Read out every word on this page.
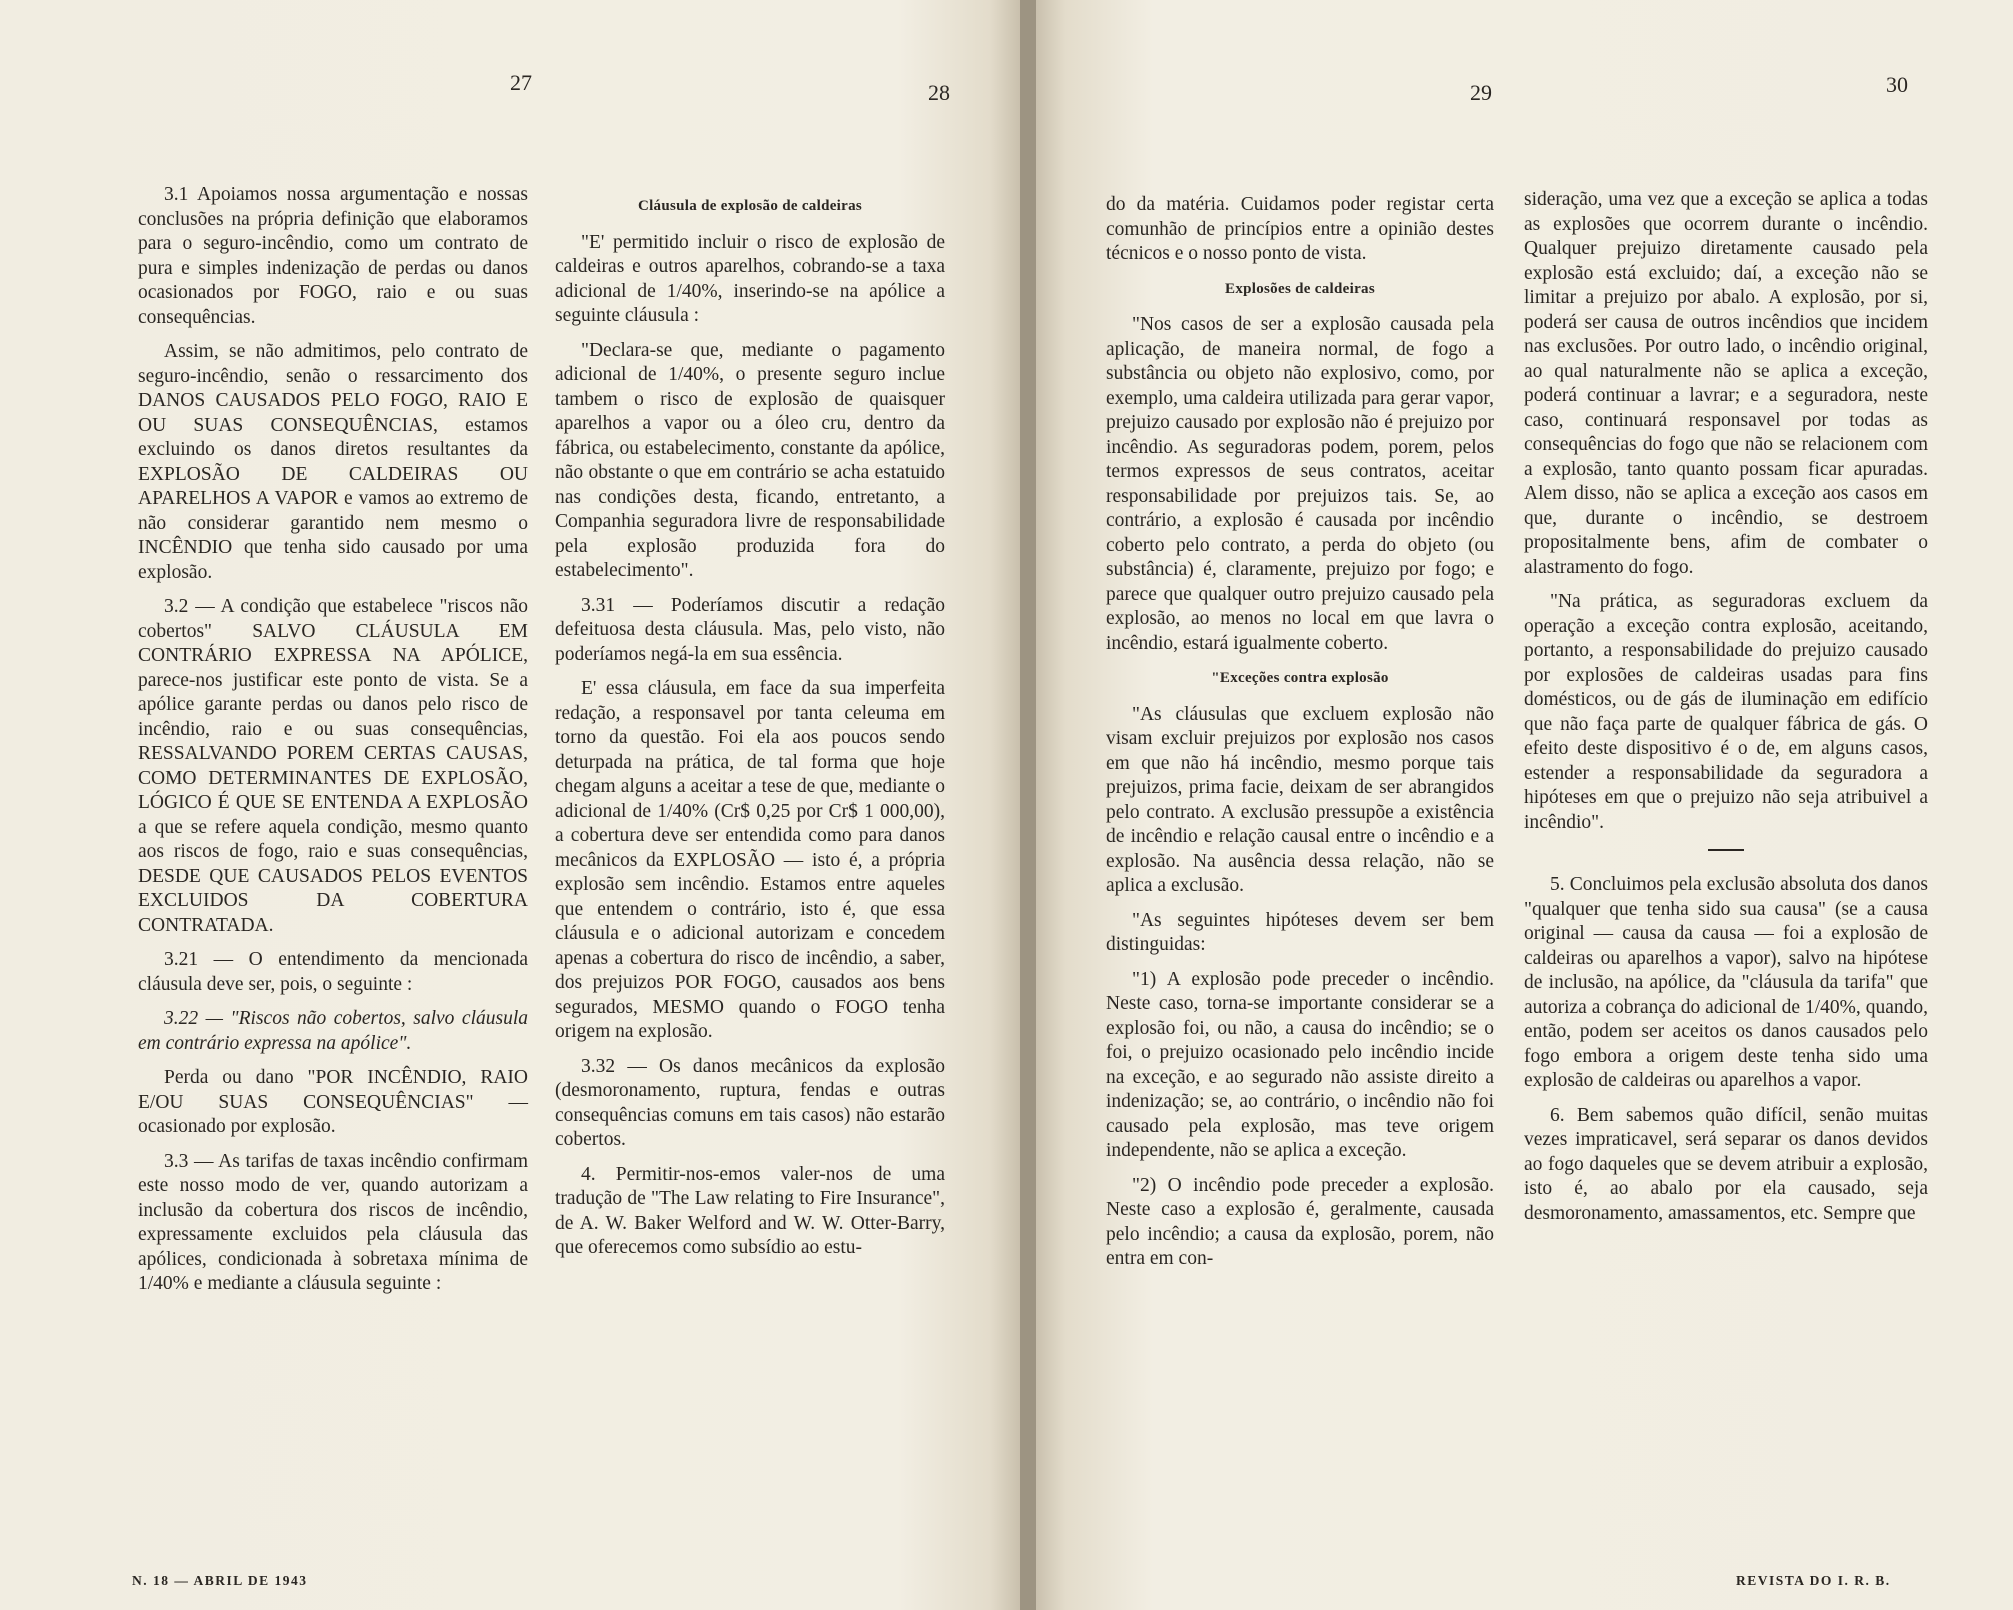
27	28

3.1 Apoiamos nossa argumentação e nossas conclusões na própria definição que elaboramos para o seguro-incêndio, como um contrato de pura e simples indenização de perdas ou danos ocasionados por FOGO, raio e ou suas consequências.

Assim, se não admitimos, pelo contrato de seguro-incêndio, senão o ressarcimento dos DANOS CAUSADOS PELO FOGO, RAIO E OU SUAS CONSEQUÊNCIAS, estamos excluindo os danos diretos resultantes da EXPLOSÃO DE CALDEIRAS OU APARELHOS A VAPOR e vamos ao extremo de não considerar garantido nem mesmo o INCÊNDIO que tenha sido causado por uma explosão.

3.2 — A condição que estabelece "riscos não cobertos" SALVO CLÁUSULA EM CONTRÁRIO EXPRESSA NA APÓLICE, parece-nos justificar este ponto de vista. Se a apólice garante perdas ou danos pelo risco de incêndio, raio e ou suas consequências, RESSALVANDO POREM CERTAS CAUSAS, COMO DETERMINANTES DE EXPLOSÃO, LÓGICO É QUE SE ENTENDA A EXPLOSÃO a que se refere aquela condição, mesmo quanto aos riscos de fogo, raio e suas consequências, DESDE QUE CAUSADOS PELOS EVENTOS EXCLUIDOS DA COBERTURA CONTRATADA.

3.21 — O entendimento da mencionada cláusula deve ser, pois, o seguinte :

3.22 — "Riscos não cobertos, salvo cláusula em contrário expressa na apólice".

Perda ou dano "POR INCÊNDIO, RAIO E/OU SUAS CONSEQUÊNCIAS" — ocasionado por explosão.

3.3 — As tarifas de taxas incêndio confirmam este nosso modo de ver, quando autorizam a inclusão da cobertura dos riscos de incêndio, expressamente excluidos pela cláusula das apólices, condicionada à sobretaxa mínima de 1/40% e mediante a cláusula seguinte :

Cláusula de explosão de caldeiras

"E' permitido incluir o risco de explosão de caldeiras e outros aparelhos, cobrando-se a taxa adicional de 1/40%, inserindo-se na apólice a seguinte cláusula :

"Declara-se que, mediante o pagamento adicional de 1/40%, o presente seguro inclue tambem o risco de explosão de quaisquer aparelhos a vapor ou a óleo cru, dentro da fábrica, ou estabelecimento, constante da apólice, não obstante o que em contrário se acha estatuido nas condições desta, ficando, entretanto, a Companhia seguradora livre de responsabilidade pela explosão produzida fora do estabelecimento".

3.31 — Poderíamos discutir a redação defeituosa desta cláusula. Mas, pelo visto, não poderíamos negá-la em sua essência.

E' essa cláusula, em face da sua imperfeita redação, a responsavel por tanta celeuma em torno da questão. Foi ela aos poucos sendo deturpada na prática, de tal forma que hoje chegam alguns a aceitar a tese de que, mediante o adicional de 1/40% (Cr$ 0,25 por Cr$ 1 000,00), a cobertura deve ser entendida como para danos mecânicos da EXPLOSÃO — isto é, a própria explosão sem incêndio. Estamos entre aqueles que entendem o contrário, isto é, que essa cláusula e o adicional autorizam e concedem apenas a cobertura do risco de incêndio, a saber, dos prejuizos POR FOGO, causados aos bens segurados, MESMO quando o FOGO tenha origem na explosão.

3.32 — Os danos mecânicos da explosão (desmoronamento, ruptura, fendas e outras consequências comuns em tais casos) não estarão cobertos.

4. Permitir-nos-emos valer-nos de uma tradução de "The Law relating to Fire Insurance", de A. W. Baker Welford and W. W. Otter-Barry, que oferecemos como subsídio ao estu-

N. 18 — ABRIL DE 1943
29	30

do da matéria. Cuidamos poder registar certa comunhão de princípios entre a opinião destes técnicos e o nosso ponto de vista.

Explosões de caldeiras

"Nos casos de ser a explosão causada pela aplicação, de maneira normal, de fogo a substância ou objeto não explosivo, como, por exemplo, uma caldeira utilizada para gerar vapor, prejuizo causado por explosão não é prejuizo por incêndio. As seguradoras podem, porem, pelos termos expressos de seus contratos, aceitar responsabilidade por prejuizos tais. Se, ao contrário, a explosão é causada por incêndio coberto pelo contrato, a perda do objeto (ou substância) é, claramente, prejuizo por fogo; e parece que qualquer outro prejuizo causado pela explosão, ao menos no local em que lavra o incêndio, estará igualmente coberto.

"Exceções contra explosão

"As cláusulas que excluem explosão não visam excluir prejuizos por explosão nos casos em que não há incêndio, mesmo porque tais prejuizos, prima facie, deixam de ser abrangidos pelo contrato. A exclusão pressupõe a existência de incêndio e relação causal entre o incêndio e a explosão. Na ausência dessa relação, não se aplica a exclusão.

"As seguintes hipóteses devem ser bem distinguidas:

"1) A explosão pode preceder o incêndio. Neste caso, torna-se importante considerar se a explosão foi, ou não, a causa do incêndio; se o foi, o prejuizo ocasionado pelo incêndio incide na exceção, e ao segurado não assiste direito a indenização; se, ao contrário, o incêndio não foi causado pela explosão, mas teve origem independente, não se aplica a exceção.

"2) O incêndio pode preceder a explosão. Neste caso a explosão é, geralmente, causada pelo incêndio; a causa da explosão, porem, não entra em con-

sideração, uma vez que a exceção se aplica a todas as explosões que ocorrem durante o incêndio. Qualquer prejuizo diretamente causado pela explosão está excluido; daí, a exceção não se limitar a prejuizo por abalo. A explosão, por si, poderá ser causa de outros incêndios que incidem nas exclusões. Por outro lado, o incêndio original, ao qual naturalmente não se aplica a exceção, poderá continuar a lavrar; e a seguradora, neste caso, continuará responsavel por todas as consequências do fogo que não se relacionem com a explosão, tanto quanto possam ficar apuradas. Alem disso, não se aplica a exceção aos casos em que, durante o incêndio, se destroem propositalmente bens, afim de combater o alastramento do fogo.

"Na prática, as seguradoras excluem da operação a exceção contra explosão, aceitando, portanto, a responsabilidade do prejuizo causado por explosões de caldeiras usadas para fins domésticos, ou de gás de iluminação em edifício que não faça parte de qualquer fábrica de gás. O efeito deste dispositivo é o de, em alguns casos, estender a responsabilidade da seguradora a hipóteses em que o prejuizo não seja atribuivel a incêndio".

5. Concluimos pela exclusão absoluta dos danos "qualquer que tenha sido sua causa" (se a causa original — causa da causa — foi a explosão de caldeiras ou aparelhos a vapor), salvo na hipótese de inclusão, na apólice, da "cláusula da tarifa" que autoriza a cobrança do adicional de 1/40%, quando, então, podem ser aceitos os danos causados pelo fogo embora a origem deste tenha sido uma explosão de caldeiras ou aparelhos a vapor.

6. Bem sabemos quão difícil, senão muitas vezes impraticavel, será separar os danos devidos ao fogo daqueles que se devem atribuir a explosão, isto é, ao abalo por ela causado, seja desmoronamento, amassamentos, etc. Sempre que

REVISTA DO I. R. B.
